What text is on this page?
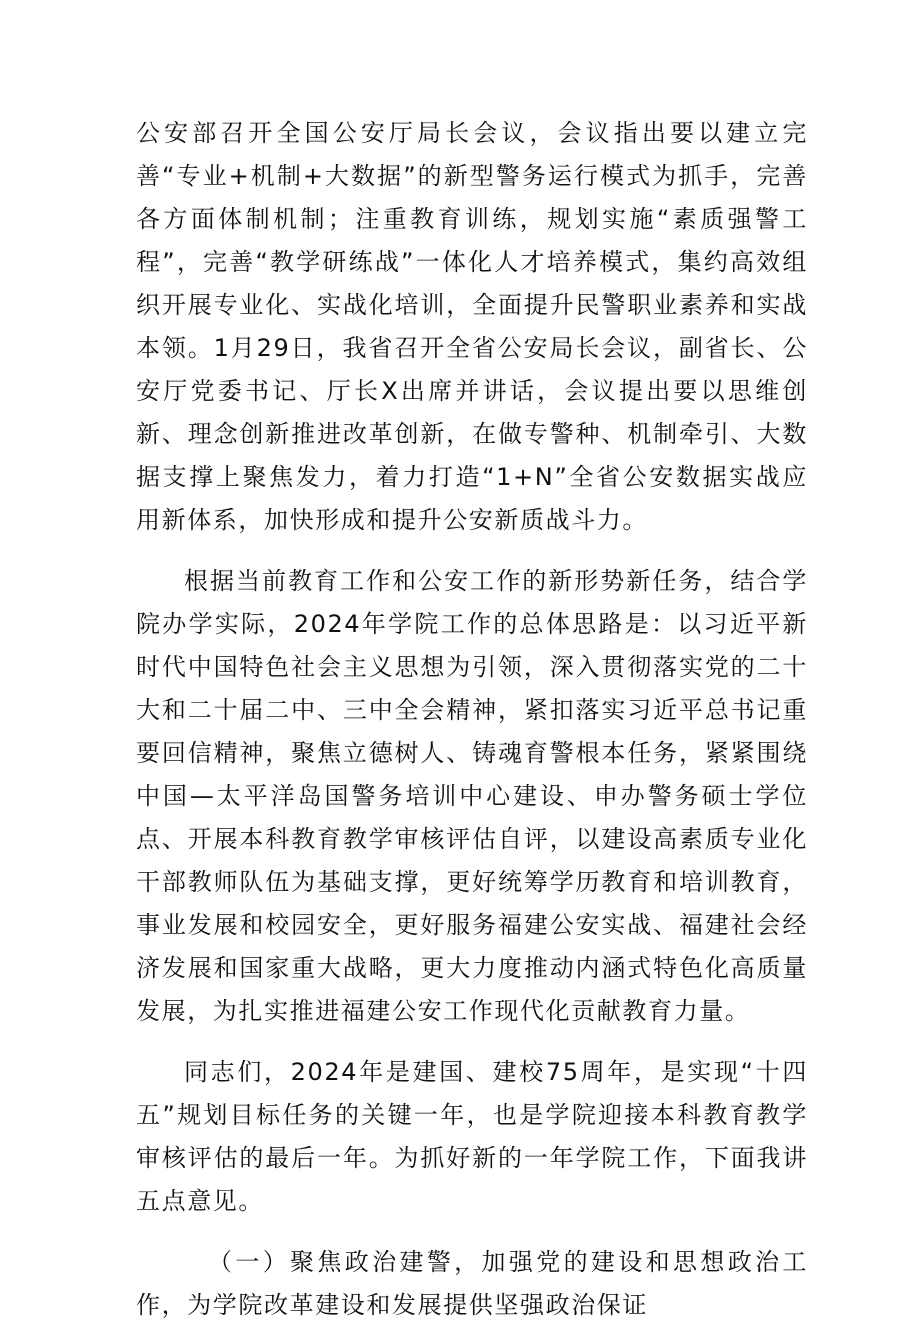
公安部召开全国公安厅局长会议，会议指出要以建立完善“专业+机制+大数据”的新型警务运行模式为抓手，完善各方面体制机制；注重教育训练，规划实施“素质强警工程”，完善“教学研练战”一体化人才培养模式，集约高效组织开展专业化、实战化培训，全面提升民警职业素养和实战本领。1月29日，我省召开全省公安局长会议，副省长、公安厅党委书记、厅长X出席并讲话，会议提出要以思维创新、理念创新推进改革创新，在做专警种、机制牵引、大数据支撑上聚焦发力，着力打造“1+N”全省公安数据实战应用新体系，加快形成和提升公安新质战斗力。

根据当前教育工作和公安工作的新形势新任务，结合学院办学实际，2024年学院工作的总体思路是：以习近平新时代中国特色社会主义思想为引领，深入贯彻落实党的二十大和二十届二中、三中全会精神，紧扣落实习近平总书记重要回信精神，聚焦立德树人、铸魂育警根本任务，紧紧围绕中国—太平洋岛国警务培训中心建设、申办警务硕士学位点、开展本科教育教学审核评估自评，以建设高素质专业化干部教师队伍为基础支撑，更好统筹学历教育和培训教育，事业发展和校园安全，更好服务福建公安实战、福建社会经济发展和国家重大战略，更大力度推动内涵式特色化高质量发展，为扎实推进福建公安工作现代化贡献教育力量。

同志们，2024年是建国、建校75周年，是实现“十四五”规划目标任务的关键一年，也是学院迎接本科教育教学审核评估的最后一年。为抓好新的一年学院工作，下面我讲五点意见。

（一）聚焦政治建警，加强党的建设和思想政治工作，为学院改革建设和发展提供坚强政治保证
